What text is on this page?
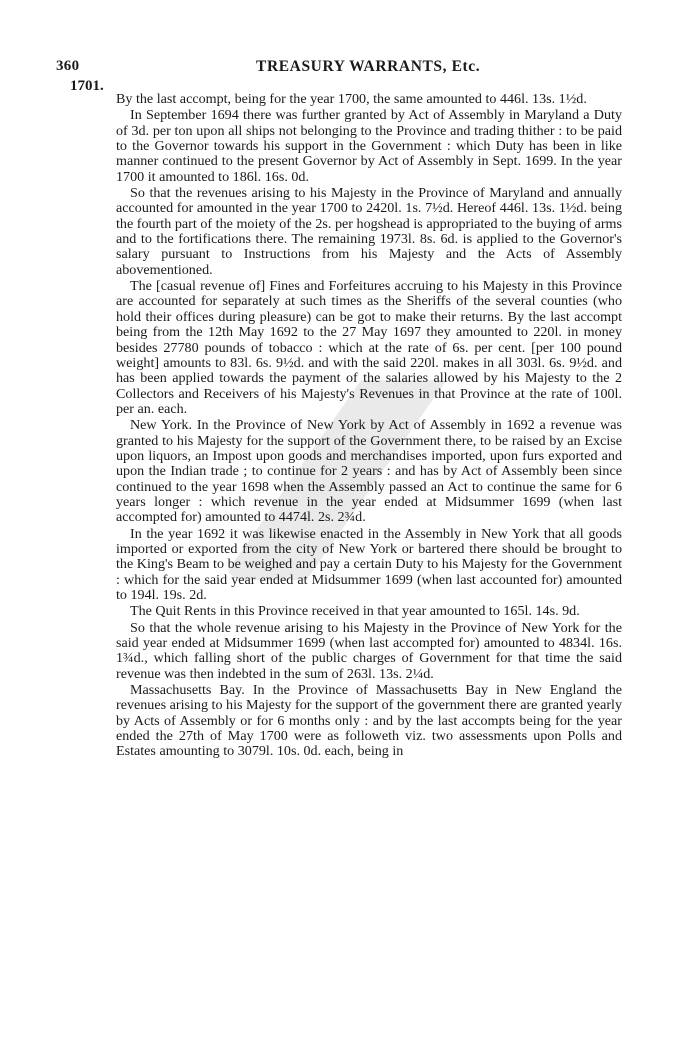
360	TREASURY WARRANTS, Etc.
1701.

By the last accompt, being for the year 1700, the same amounted to 446l. 13s. 1½d.

In September 1694 there was further granted by Act of Assembly in Maryland a Duty of 3d. per ton upon all ships not belonging to the Province and trading thither : to be paid to the Governor towards his support in the Government : which Duty has been in like manner continued to the present Governor by Act of Assembly in Sept. 1699. In the year 1700 it amounted to 186l. 16s. 0d.

So that the revenues arising to his Majesty in the Province of Maryland and annually accounted for amounted in the year 1700 to 2420l. 1s. 7½d. Hereof 446l. 13s. 1½d. being the fourth part of the moiety of the 2s. per hogshead is appropriated to the buying of arms and to the fortifications there. The remaining 1973l. 8s. 6d. is applied to the Governor's salary pursuant to Instructions from his Majesty and the Acts of Assembly abovementioned.

The [casual revenue of] Fines and Forfeitures accruing to his Majesty in this Province are accounted for separately at such times as the Sheriffs of the several counties (who hold their offices during pleasure) can be got to make their returns. By the last accompt being from the 12th May 1692 to the 27 May 1697 they amounted to 220l. in money besides 27780 pounds of tobacco : which at the rate of 6s. per cent. [per 100 pound weight] amounts to 83l. 6s. 9½d. and with the said 220l. makes in all 303l. 6s. 9½d. and has been applied towards the payment of the salaries allowed by his Majesty to the 2 Collectors and Receivers of his Majesty's Revenues in that Province at the rate of 100l. per an. each.

New York. In the Province of New York by Act of Assembly in 1692 a revenue was granted to his Majesty for the support of the Government there, to be raised by an Excise upon liquors, an Impost upon goods and merchandises imported, upon furs exported and upon the Indian trade ; to continue for 2 years : and has by Act of Assembly been since continued to the year 1698 when the Assembly passed an Act to continue the same for 6 years longer : which revenue in the year ended at Midsummer 1699 (when last accompted for) amounted to 4474l. 2s. 2¾d.

In the year 1692 it was likewise enacted in the Assembly in New York that all goods imported or exported from the city of New York or bartered there should be brought to the King's Beam to be weighed and pay a certain Duty to his Majesty for the Government : which for the said year ended at Midsummer 1699 (when last accounted for) amounted to 194l. 19s. 2d.

The Quit Rents in this Province received in that year amounted to 165l. 14s. 9d.

So that the whole revenue arising to his Majesty in the Province of New York for the said year ended at Midsummer 1699 (when last accompted for) amounted to 4834l. 16s. 1¾d., which falling short of the public charges of Government for that time the said revenue was then indebted in the sum of 263l. 13s. 2¼d.

Massachusetts Bay. In the Province of Massachusetts Bay in New England the revenues arising to his Majesty for the support of the government there are granted yearly by Acts of Assembly or for 6 months only : and by the last accompts being for the year ended the 27th of May 1700 were as followeth viz. two assessments upon Polls and Estates amounting to 3079l. 10s. 0d. each, being in
